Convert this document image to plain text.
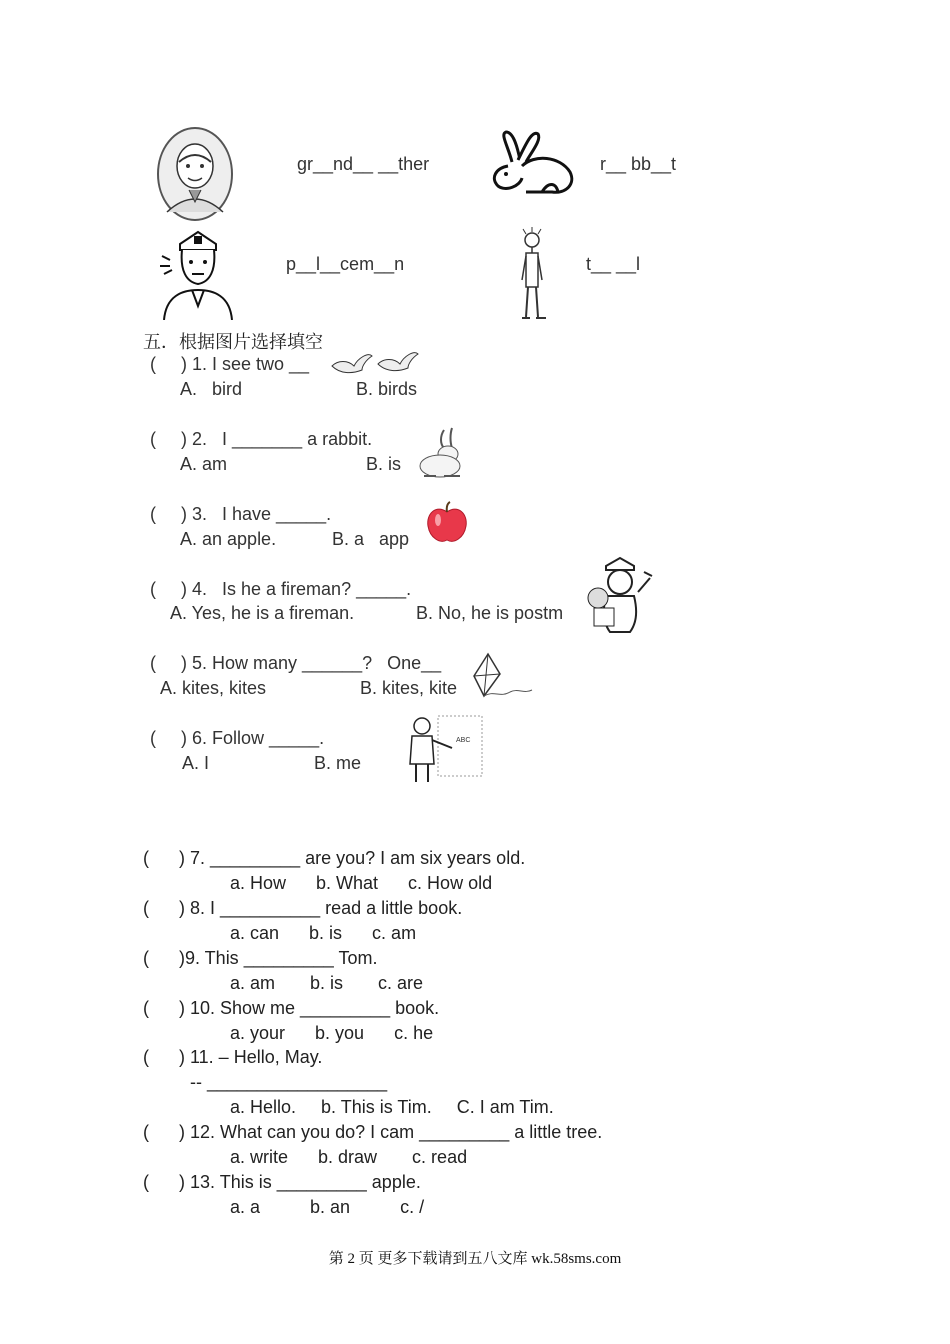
gr__nd__ __ther	r__ bb__t
p__l__cem__n	t__ __l
五．根据图片选择填空
(     ) 1. I see two __
A.   bird	B. birds
(     ) 2.   I _______ a rabbit.
A. am	B. is
(     ) 3.   I have _____.
A. an apple.	B. a   app
(     ) 4.   Is he a fireman? _____.
A. Yes, he is a fireman.	B. No, he is postm
(     ) 5. How many ______?   One__
A. kites, kites	B. kites, kite
(     ) 6. Follow _____.
A. I	B. me
ABC
(      ) 7. _________ are you? I am six years old.
a. How      b. What      c. How old
(      ) 8. I __________ read a little book.
a. can      b. is      c. am
(      )9. This _________ Tom.
a. am       b. is       c. are
(      ) 10. Show me _________ book.
a. your      b. you      c. he
(      ) 11. – Hello, May.
-- __________________
a. Hello.     b. This is Tim.     C. I am Tim.
(      ) 12. What can you do? I cam _________ a little tree.
a. write      b. draw       c. read
(      ) 13. This is _________ apple.
a. a          b. an          c. /
第 2 页 更多下载请到五八文库 wk.58sms.com
